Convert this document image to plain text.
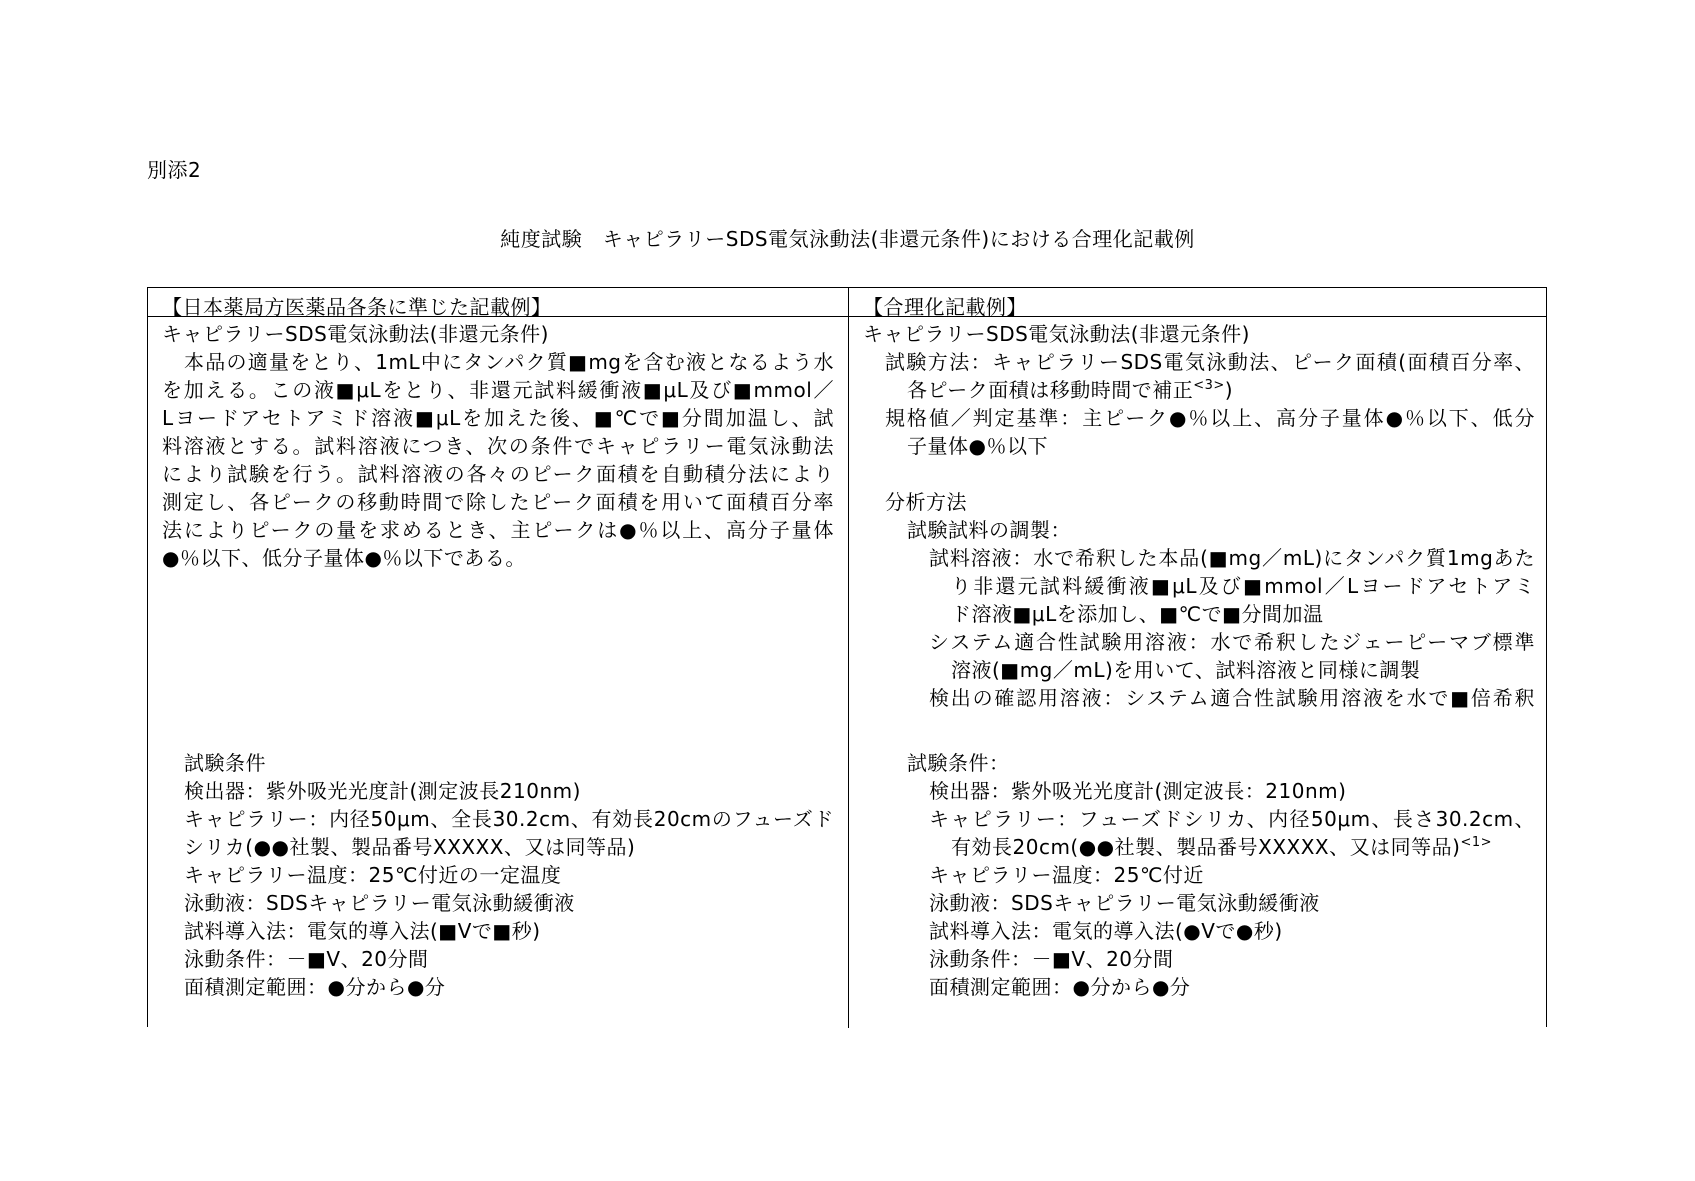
別添2
純度試験　キャピラリーSDS電気泳動法(非還元条件)における合理化記載例
【日本薬局方医薬品各条に準じた記載例】
キャピラリーSDS電気泳動法(非還元条件)
本品の適量をとり、1mL中にタンパク質■mgを含む液となるよう水
を加える。この液■μLをとり、非還元試料緩衝液■μL及び■mmol／
Lヨードアセトアミド溶液■μLを加えた後、■℃で■分間加温し、試
料溶液とする。試料溶液につき、次の条件でキャピラリー電気泳動法
により試験を行う。試料溶液の各々のピーク面積を自動積分法により
測定し、各ピークの移動時間で除したピーク面積を用いて面積百分率
法によりピークの量を求めるとき、主ピークは●％以上、高分子量体
●％以下、低分子量体●％以下である。
試験条件
検出器：紫外吸光光度計(測定波長210nm)
キャピラリー：内径50μm、全長30.2cm、有効長20cmのフューズド
シリカ(●●社製、製品番号XXXXX、又は同等品)
キャピラリー温度：25℃付近の一定温度
泳動液：SDSキャピラリー電気泳動緩衝液
試料導入法：電気的導入法(■Vで■秒)
泳動条件：－■V、20分間
面積測定範囲：●分から●分
【合理化記載例】
キャピラリーSDS電気泳動法(非還元条件)
試験方法：キャピラリーSDS電気泳動法、ピーク面積(面積百分率、
各ピーク面積は移動時間で補正$^{<3>}$)
規格値／判定基準：主ピーク●％以上、高分子量体●％以下、低分
子量体●％以下
分析方法
試験試料の調製：
試料溶液：水で希釈した本品(■mg／mL)にタンパク質1mgあた
り非還元試料緩衝液■μL及び■mmol／Lヨードアセトアミ
ド溶液■μLを添加し、■℃で■分間加温
システム適合性試験用溶液：水で希釈したジェーピーマブ標準
溶液(■mg／mL)を用いて、試料溶液と同様に調製
検出の確認用溶液：システム適合性試験用溶液を水で■倍希釈
試験条件：
検出器：紫外吸光光度計(測定波長：210nm)
キャピラリー：フューズドシリカ、内径50μm、長さ30.2cm、
有効長20cm(●●社製、製品番号XXXXX、又は同等品)$^{<1>}$
キャピラリー温度：25℃付近
泳動液：SDSキャピラリー電気泳動緩衝液
試料導入法：電気的導入法(●Vで●秒)
泳動条件：－■V、20分間
面積測定範囲：●分から●分
